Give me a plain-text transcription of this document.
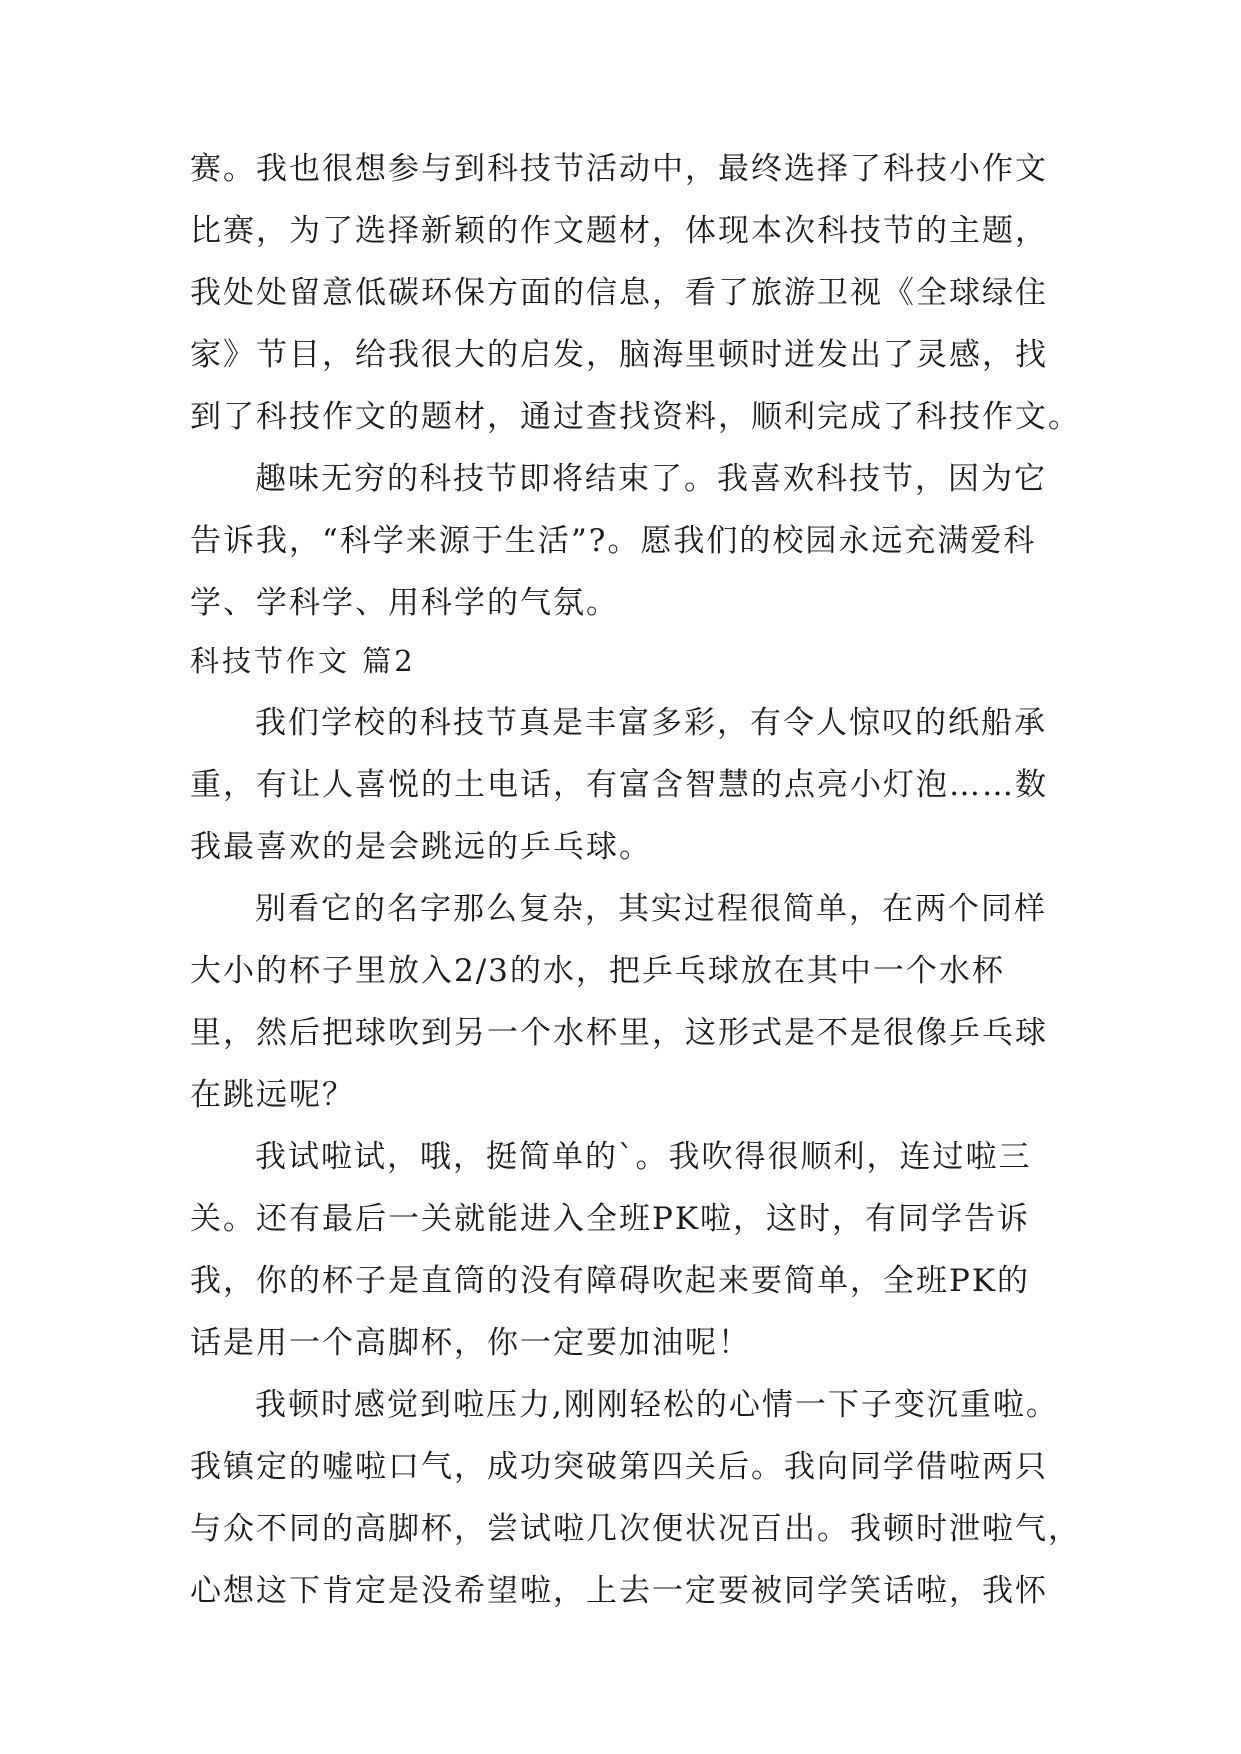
赛。我也很想参与到科技节活动中，最终选择了科技小作文
比赛，为了选择新颖的作文题材，体现本次科技节的主题，
我处处留意低碳环保方面的信息，看了旅游卫视《全球绿住
家》节目，给我很大的启发，脑海里顿时迸发出了灵感，找
到了科技作文的题材，通过查找资料，顺利完成了科技作文。
趣味无穷的科技节即将结束了。我喜欢科技节，因为它
告诉我，“科学来源于生活”?。愿我们的校园永远充满爱科
学、学科学、用科学的气氛。
科技节作文 篇2
我们学校的科技节真是丰富多彩，有令人惊叹的纸船承
重，有让人喜悦的土电话，有富含智慧的点亮小灯泡……数
我最喜欢的是会跳远的乒乓球。
别看它的名字那么复杂，其实过程很简单，在两个同样
大小的杯子里放入2/3的水，把乒乓球放在其中一个水杯
里，然后把球吹到另一个水杯里，这形式是不是很像乒乓球
在跳远呢？
我试啦试，哦，挺简单的`。我吹得很顺利，连过啦三
关。还有最后一关就能进入全班PK啦，这时，有同学告诉
我，你的杯子是直筒的没有障碍吹起来要简单，全班PK的
话是用一个高脚杯，你一定要加油呢！
我顿时感觉到啦压力,刚刚轻松的心情一下子变沉重啦。
我镇定的嘘啦口气，成功突破第四关后。我向同学借啦两只
与众不同的高脚杯，尝试啦几次便状况百出。我顿时泄啦气，
心想这下肯定是没希望啦，上去一定要被同学笑话啦，我怀
